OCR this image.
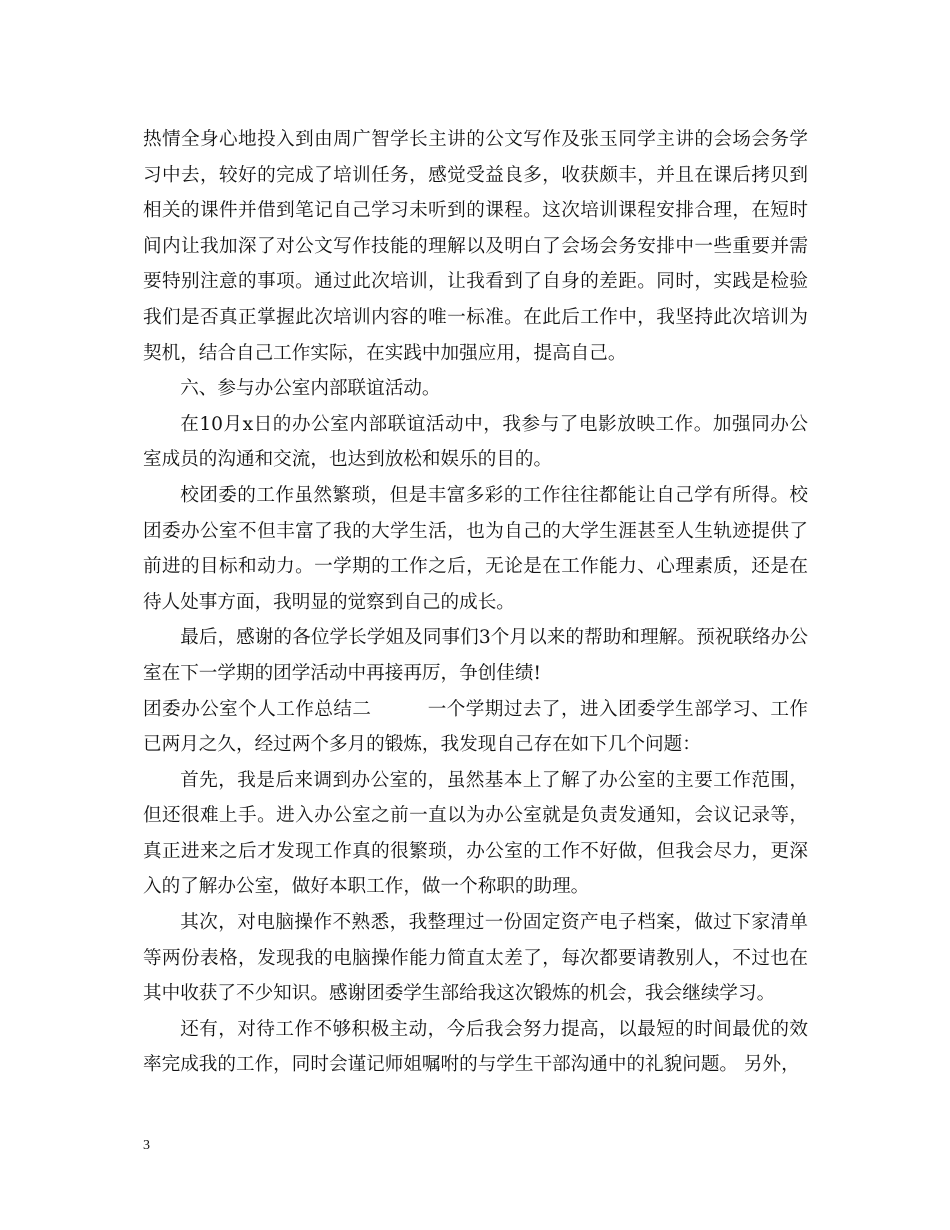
热情全身心地投入到由周广智学长主讲的公文写作及张玉同学主讲的会场会务学习中去，较好的完成了培训任务，感觉受益良多，收获颇丰，并且在课后拷贝到相关的课件并借到笔记自己学习未听到的课程。这次培训课程安排合理，在短时间内让我加深了对公文写作技能的理解以及明白了会场会务安排中一些重要并需要特别注意的事项。通过此次培训，让我看到了自身的差距。同时，实践是检验我们是否真正掌握此次培训内容的唯一标准。在此后工作中，我坚持此次培训为契机，结合自己工作实际，在实践中加强应用，提高自己。

六、参与办公室内部联谊活动。

在10月x日的办公室内部联谊活动中，我参与了电影放映工作。加强同办公室成员的沟通和交流，也达到放松和娱乐的目的。

校团委的工作虽然繁琐，但是丰富多彩的工作往往都能让自己学有所得。校团委办公室不但丰富了我的大学生活，也为自己的大学生涯甚至人生轨迹提供了前进的目标和动力。一学期的工作之后，无论是在工作能力、心理素质，还是在待人处事方面，我明显的觉察到自己的成长。

最后，感谢的各位学长学姐及同事们3个月以来的帮助和理解。预祝联络办公室在下一学期的团学活动中再接再厉，争创佳绩!

团委办公室个人工作总结二	一个学期过去了，进入团委学生部学习、工作已两月之久，经过两个多月的锻炼，我发现自己存在如下几个问题：

首先，我是后来调到办公室的，虽然基本上了解了办公室的主要工作范围，但还很难上手。进入办公室之前一直以为办公室就是负责发通知，会议记录等，真正进来之后才发现工作真的很繁琐，办公室的工作不好做，但我会尽力，更深入的了解办公室，做好本职工作，做一个称职的助理。

其次，对电脑操作不熟悉，我整理过一份固定资产电子档案，做过下家清单等两份表格，发现我的电脑操作能力简直太差了，每次都要请教别人，不过也在其中收获了不少知识。感谢团委学生部给我这次锻炼的机会，我会继续学习。

还有，对待工作不够积极主动，今后我会努力提高，以最短的时间最优的效率完成我的工作，同时会谨记师姐嘱咐的与学生干部沟通中的礼貌问题。 另外，

3
